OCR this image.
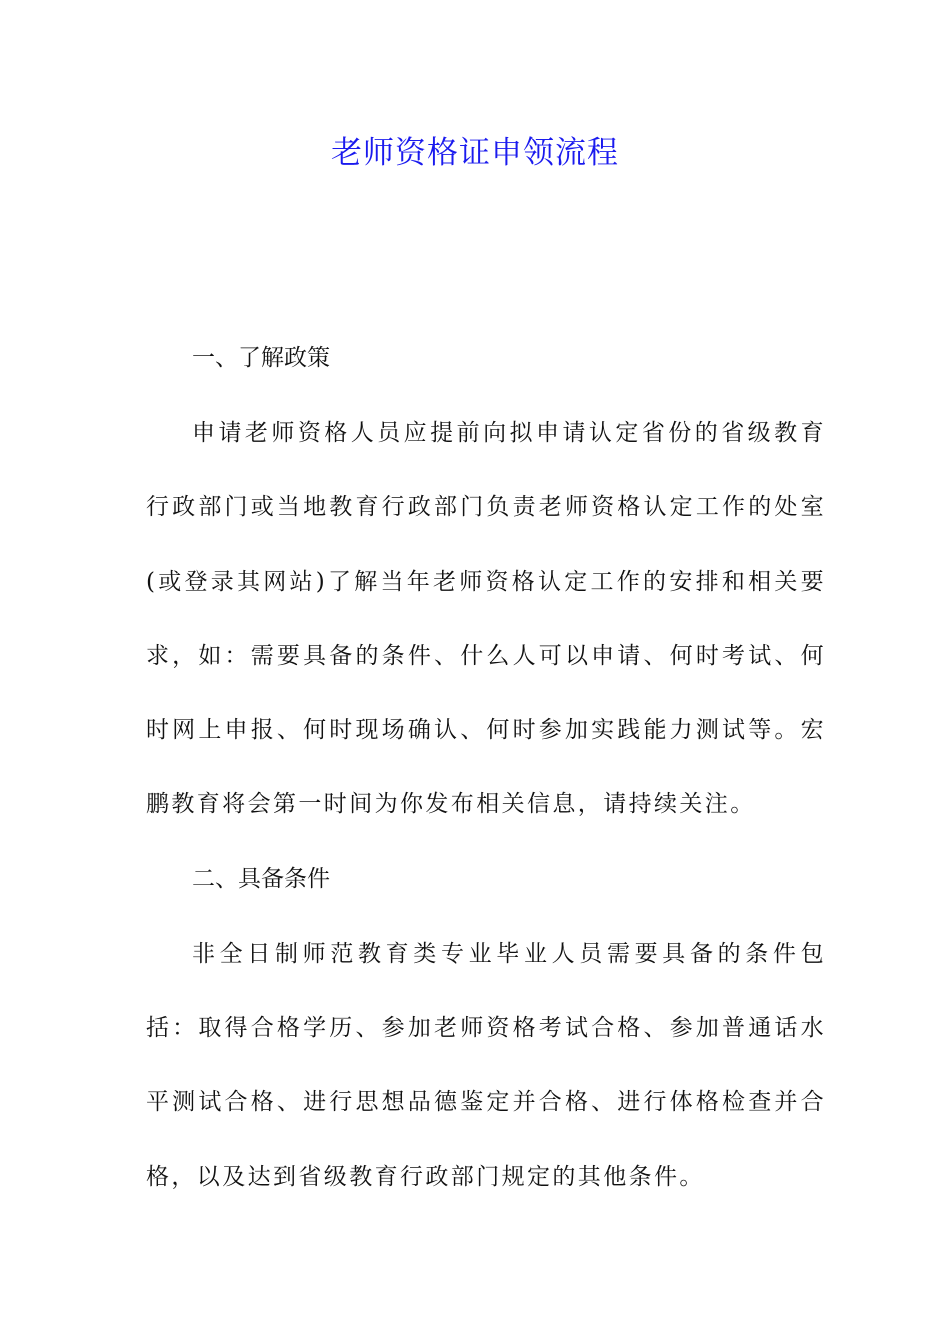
老师资格证申领流程

一、了解政策

申请老师资格人员应提前向拟申请认定省份的省级教育行政部门或当地教育行政部门负责老师资格认定工作的处室(或登录其网站)了解当年老师资格认定工作的安排和相关要求，如：需要具备的条件、什么人可以申请、何时考试、何时网上申报、何时现场确认、何时参加实践能力测试等。宏鹏教育将会第一时间为你发布相关信息，请持续关注。

二、具备条件

非全日制师范教育类专业毕业人员需要具备的条件包括：取得合格学历、参加老师资格考试合格、参加普通话水平测试合格、进行思想品德鉴定并合格、进行体格检查并合格，以及达到省级教育行政部门规定的其他条件。
